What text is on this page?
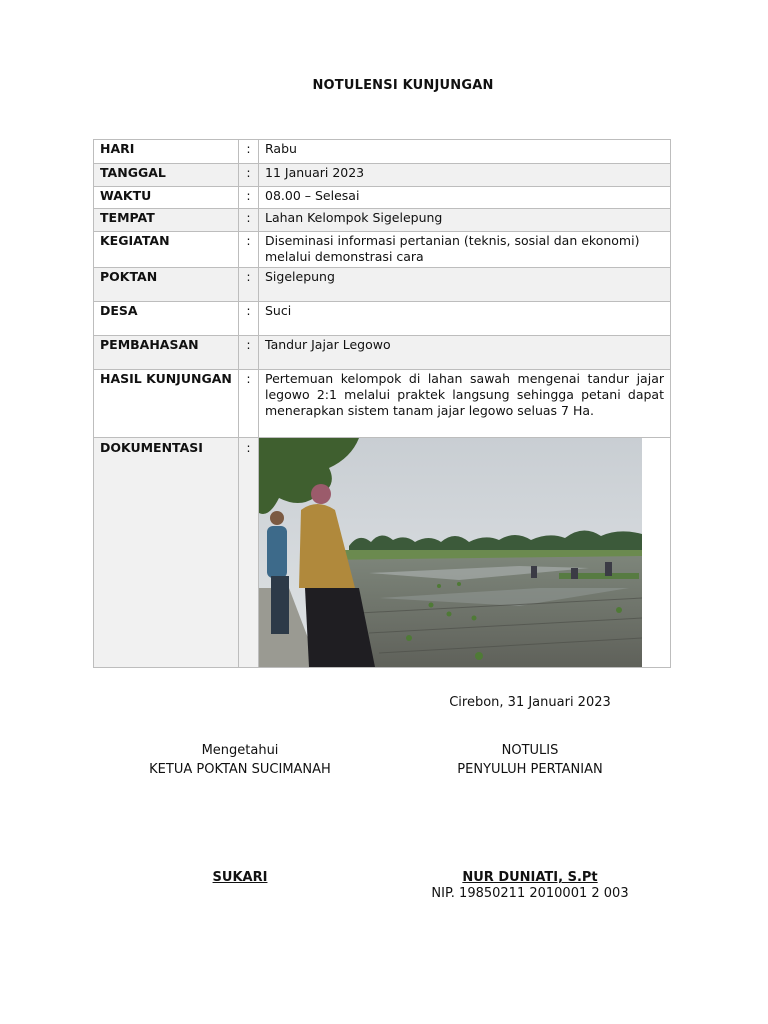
NOTULENSI KUNJUNGAN
HARI	:	Rabu
TANGGAL	:	11 Januari 2023
WAKTU	:	08.00 – Selesai
TEMPAT	:	Lahan Kelompok Sigelepung
KEGIATAN	:	Diseminasi informasi pertanian (teknis, sosial dan ekonomi) melalui demonstrasi cara
POKTAN	:	Sigelepung
DESA	:	Suci
PEMBAHASAN	:	Tandur Jajar Legowo
HASIL KUNJUNGAN	:	Pertemuan kelompok di lahan sawah mengenai tandur jajar legowo 2:1 melalui praktek langsung sehingga petani dapat menerapkan sistem tanam jajar legowo seluas 7 Ha.
DOKUMENTASI	:	
Cirebon, 31 Januari 2023
Mengetahui
KETUA POKTAN SUCIMANAH
SUKARI
NOTULIS
PENYULUH PERTANIAN
NUR DUNIATI, S.Pt
NIP. 19850211 2010001 2 003
